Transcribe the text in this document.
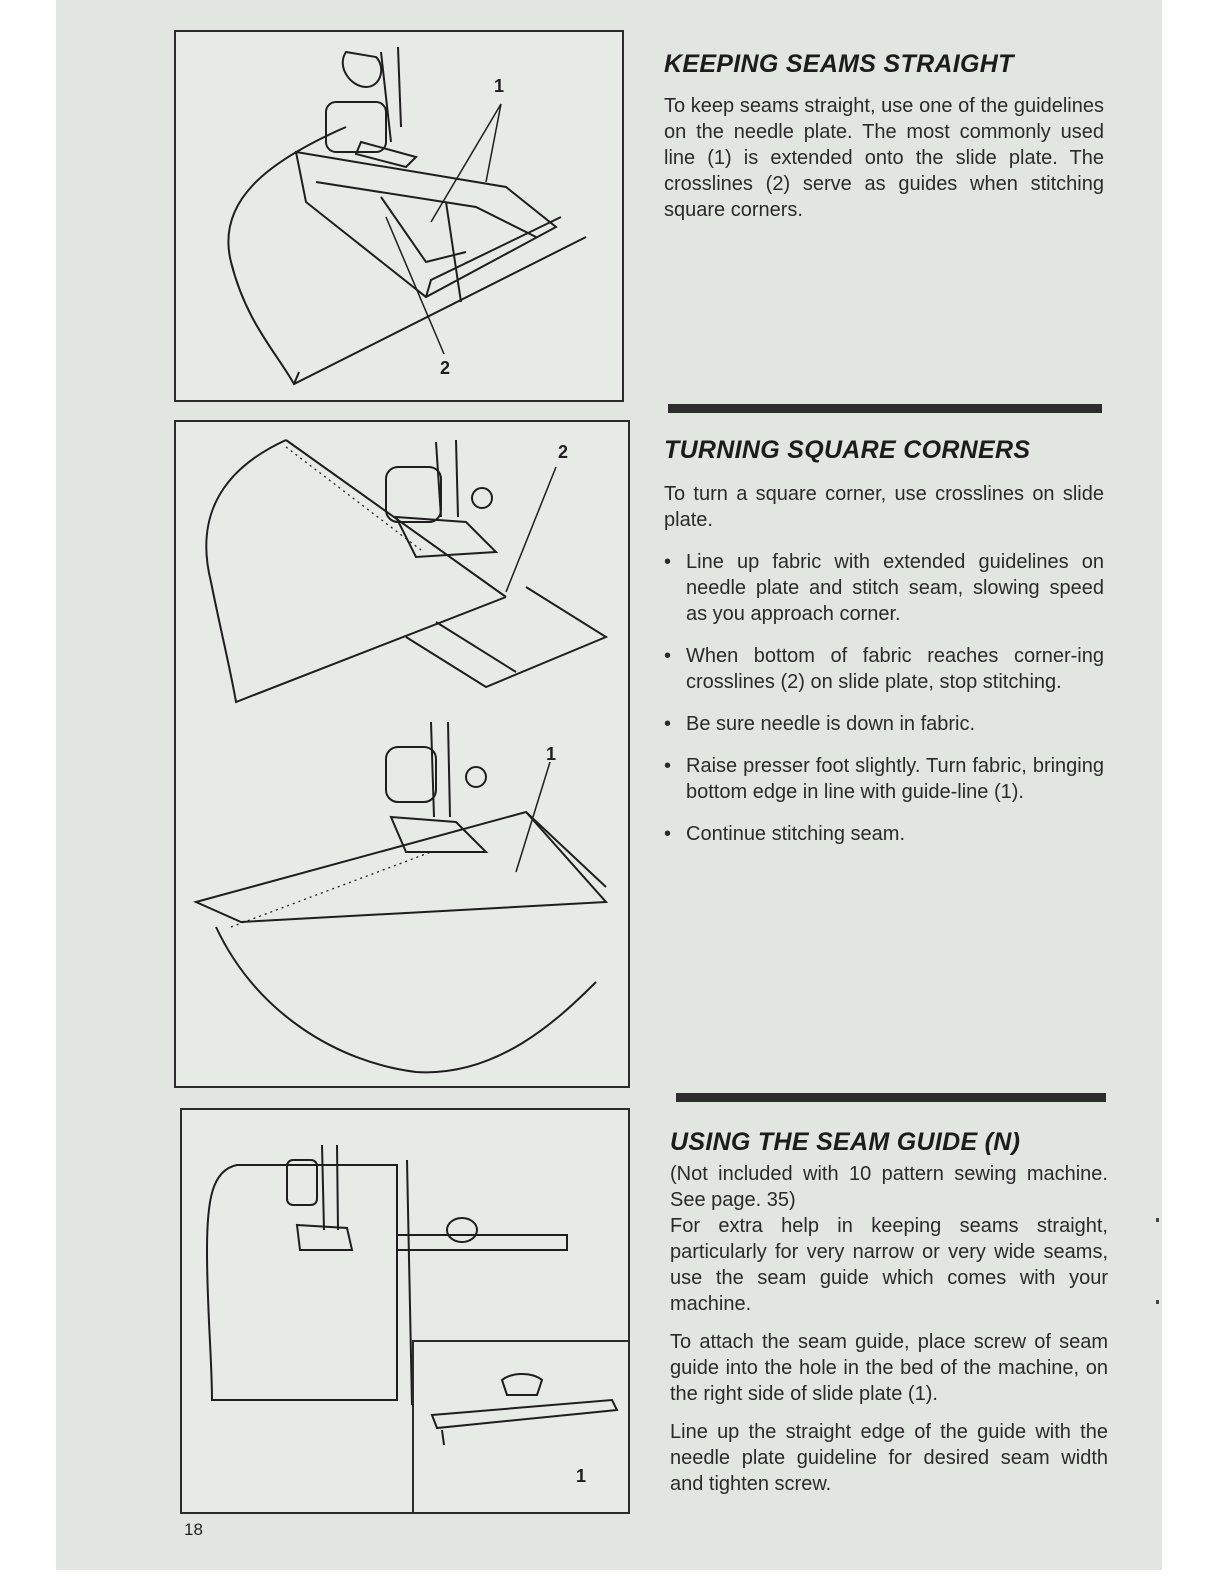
1
2
2
1
1
KEEPING SEAMS STRAIGHT

To keep seams straight, use one of the guidelines on the needle plate. The most commonly used line (1) is extended onto the slide plate. The crosslines (2) serve as guides when stitching square corners.

TURNING SQUARE CORNERS

To turn a square corner, use crosslines on slide plate.

• Line up fabric with extended guidelines on needle plate and stitch seam, slowing speed as you approach corner.
• When bottom of fabric reaches corner-ing crosslines (2) on slide plate, stop stitching.
• Be sure needle is down in fabric.
• Raise presser foot slightly. Turn fabric, bringing bottom edge in line with guide-line (1).
• Continue stitching seam.
USING THE SEAM GUIDE (N)

(Not included with 10 pattern sewing machine. See page. 35)

For extra help in keeping seams straight, particularly for very narrow or very wide seams, use the seam guide which comes with your machine.

To attach the seam guide, place screw of seam guide into the hole in the bed of the machine, on the right side of slide plate (1).

Line up the straight edge of the guide with the needle plate guideline for desired seam width and tighten screw.

18
